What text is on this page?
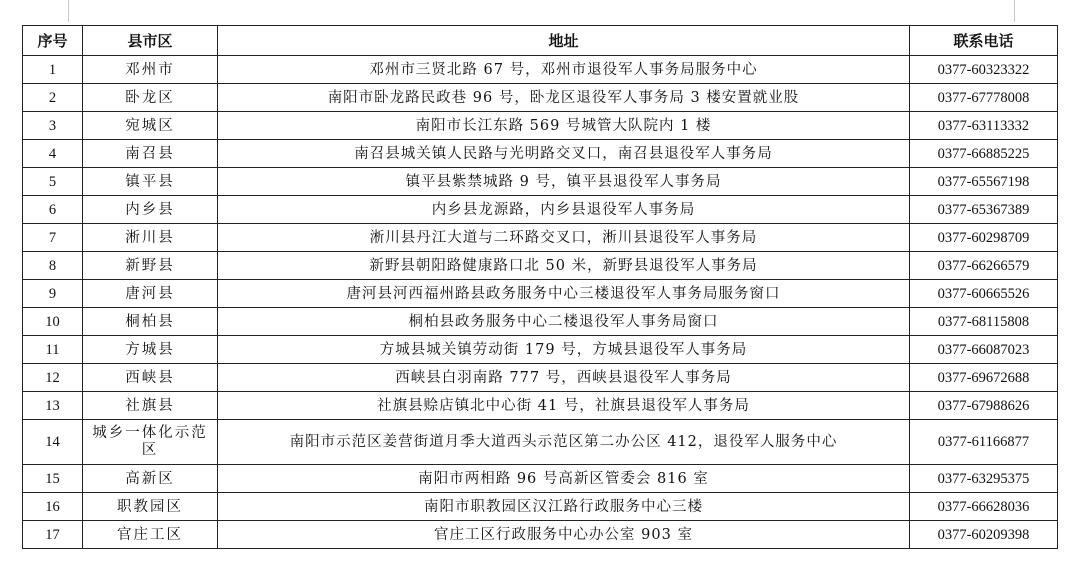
序号	县市区	地址	联系电话
1	邓州市	邓州市三贤北路 67 号，邓州市退役军人事务局服务中心	0377-60323322
2	卧龙区	南阳市卧龙路民政巷 96 号，卧龙区退役军人事务局 3 楼安置就业股	0377-67778008
3	宛城区	南阳市长江东路 569 号城管大队院内 1 楼	0377-63113332
4	南召县	南召县城关镇人民路与光明路交叉口，南召县退役军人事务局	0377-66885225
5	镇平县	镇平县紫禁城路 9 号，镇平县退役军人事务局	0377-65567198
6	内乡县	内乡县龙源路，内乡县退役军人事务局	0377-65367389
7	淅川县	淅川县丹江大道与二环路交叉口，淅川县退役军人事务局	0377-60298709
8	新野县	新野县朝阳路健康路口北 50 米，新野县退役军人事务局	0377-66266579
9	唐河县	唐河县河西福州路县政务服务中心三楼退役军人事务局服务窗口	0377-60665526
10	桐柏县	桐柏县政务服务中心二楼退役军人事务局窗口	0377-68115808
11	方城县	方城县城关镇劳动街 179 号，方城县退役军人事务局	0377-66087023
12	西峡县	西峡县白羽南路 777 号，西峡县退役军人事务局	0377-69672688
13	社旗县	社旗县赊店镇北中心街 41 号，社旗县退役军人事务局	0377-67988626
14	城乡一体化示范区	南阳市示范区姜营街道月季大道西头示范区第二办公区 412，退役军人服务中心	0377-61166877
15	高新区	南阳市两相路 96 号高新区管委会 816 室	0377-63295375
16	职教园区	南阳市职教园区汉江路行政服务中心三楼	0377-66628036
17	官庄工区	官庄工区行政服务中心办公室 903 室	0377-60209398
